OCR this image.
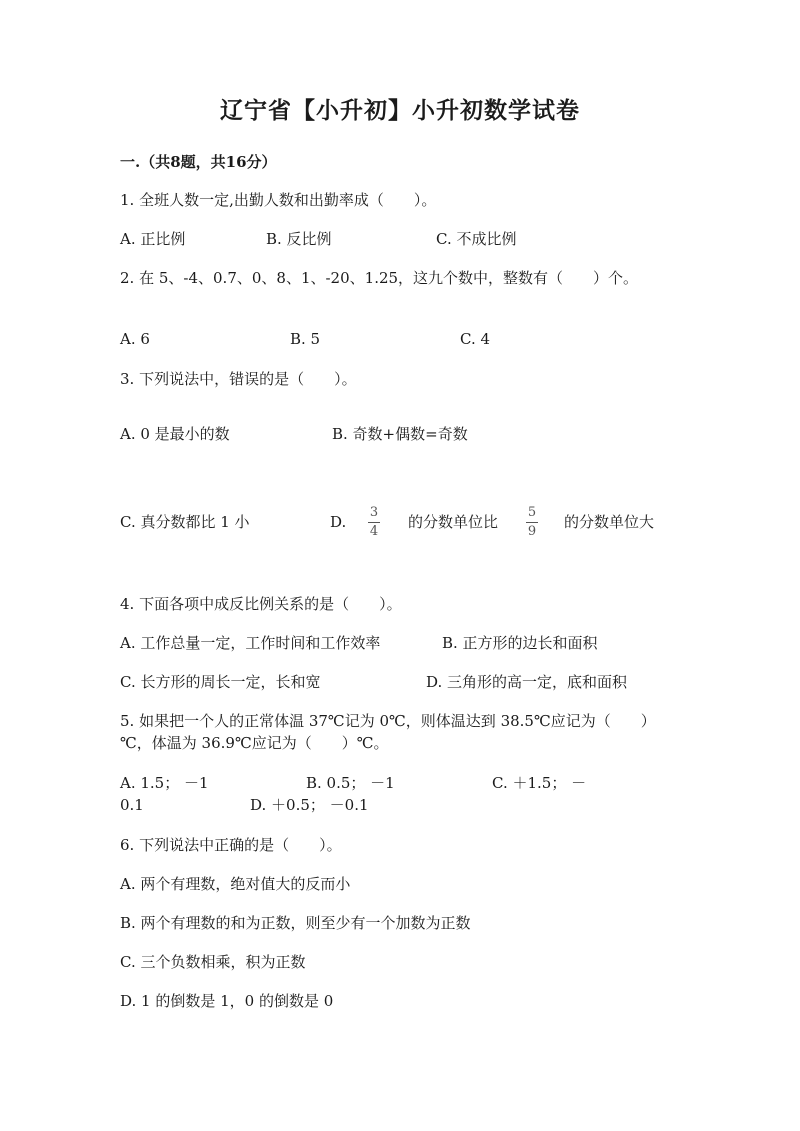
辽宁省【小升初】小升初数学试卷
一.（共8题，共16分）
1. 全班人数一定,出勤人数和出勤率成（　　）。
A. 正比例	B. 反比例	C. 不成比例
2. 在 5、-4、0.7、0、8、1、-20、1.25，这九个数中，整数有（　　）个。
A. 6	B. 5	C. 4
3. 下列说法中，错误的是（　　）。
A. 0 是最小的数	B. 奇数+偶数=奇数
C. 真分数都比 1 小	D.
3
4
的分数单位比
5
9
的分数单位大
4. 下面各项中成反比例关系的是（　　）。
A. 工作总量一定，工作时间和工作效率	B. 正方形的边长和面积
C. 长方形的周长一定，长和宽	D. 三角形的高一定，底和面积
5. 如果把一个人的正常体温 37℃记为 0℃，则体温达到 38.5℃应记为（　　）
℃，体温为 36.9℃应记为（　　）℃。
A. 1.5； －1	B. 0.5； －1	C. ＋1.5； －
0.1	D. ＋0.5； －0.1
6. 下列说法中正确的是（　　）。
A. 两个有理数，绝对值大的反而小
B. 两个有理数的和为正数，则至少有一个加数为正数
C. 三个负数相乘，积为正数
D. 1 的倒数是 1，0 的倒数是 0
